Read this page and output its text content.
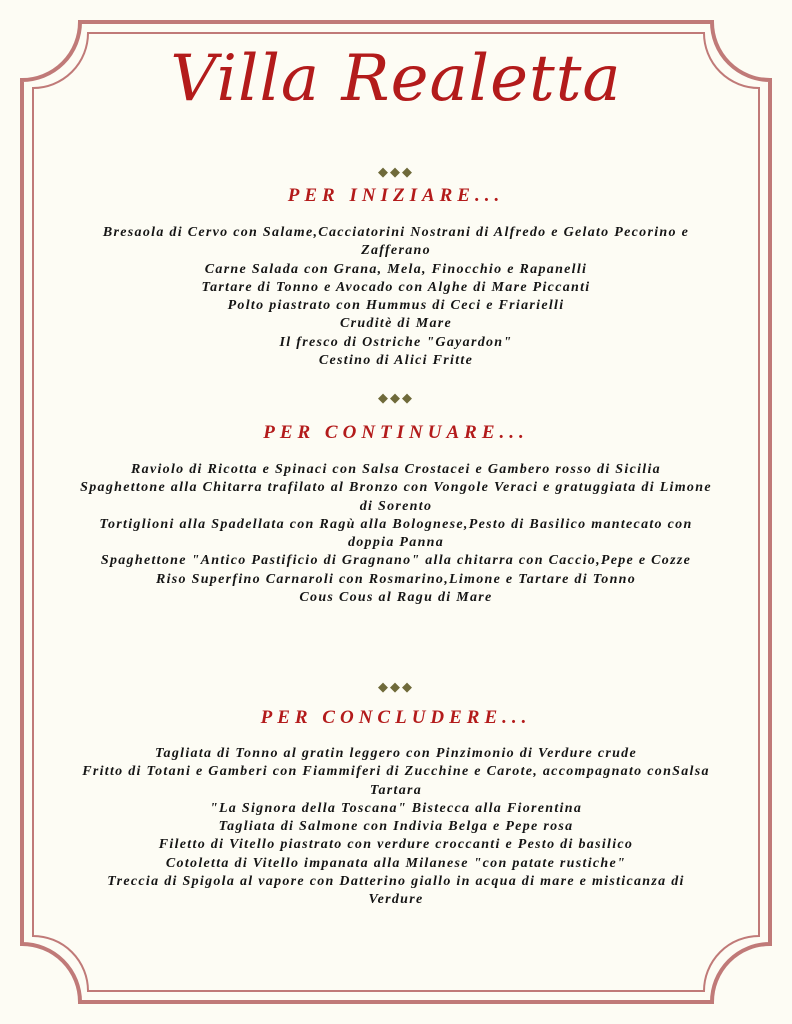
Villa Realetta
◆◆◆
PER INIZIARE...
Bresaola di Cervo con Salame,Cacciatorini Nostrani di Alfredo e Gelato Pecorino e Zafferano
Carne Salada con Grana, Mela, Finocchio e Rapanelli
Tartare di Tonno e Avocado con Alghe di Mare Piccanti
Polto piastrato con Hummus di Ceci e Friarielli
Cruditè di Mare
Il fresco di Ostriche "Gayardon"
Cestino di Alici Fritte
◆◆◆
PER CONTINUARE...
Raviolo di Ricotta e Spinaci con Salsa Crostacei e Gambero rosso di Sicilia
Spaghettone alla Chitarra trafilato al Bronzo con Vongole Veraci e gratuggiata di Limone di Sorento
Tortiglioni alla Spadellata con Ragù alla Bolognese,Pesto di Basilico mantecato con doppia Panna
Spaghettone "Antico Pastificio di Gragnano" alla chitarra con Caccio,Pepe e Cozze
Riso Superfino Carnaroli con Rosmarino,Limone e Tartare di Tonno
Cous Cous al Ragu di Mare
◆◆◆
PER CONCLUDERE...
Tagliata di Tonno al gratin leggero con Pinzimonio di Verdure crude
Fritto di Totani e Gamberi con Fiammiferi di Zucchine e Carote, accompagnato conSalsa Tartara
"La Signora della Toscana" Bistecca alla Fiorentina
Tagliata di Salmone con Indivia Belga e Pepe rosa
Filetto di Vitello piastrato con verdure croccanti e Pesto di basilico
Cotoletta di Vitello impanata alla Milanese "con patate rustiche"
Treccia di Spigola al vapore con Datterino giallo in acqua di mare e misticanza di Verdure
